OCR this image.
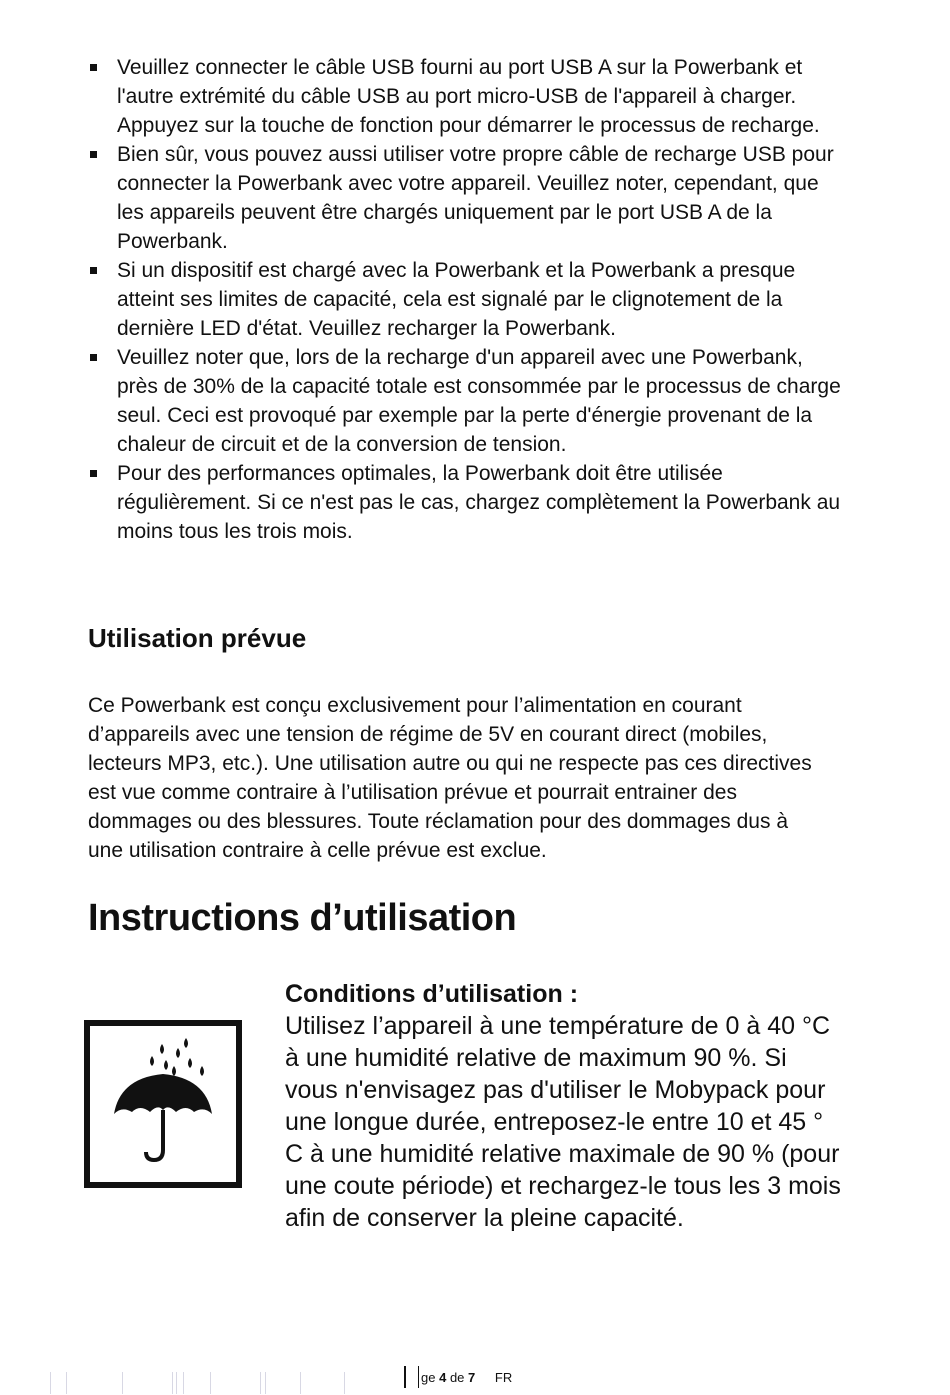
Veuillez connecter le câble USB fourni au port USB A sur la Powerbank et l'autre extrémité du câble USB au port micro-USB de l'appareil à charger. Appuyez sur la touche de fonction pour démarrer le processus de recharge.
Bien sûr, vous pouvez aussi utiliser votre propre câble de recharge USB pour connecter la Powerbank avec votre appareil. Veuillez noter, cependant, que les appareils peuvent être chargés uniquement par le port USB A de la Powerbank.
Si un dispositif est chargé avec la Powerbank et la Powerbank a presque atteint ses limites de capacité, cela est signalé par le clignotement de la dernière LED d'état. Veuillez recharger la Powerbank.
Veuillez noter que, lors de la recharge d'un appareil avec une Powerbank, près de 30% de la capacité totale est consommée par le processus de charge seul. Ceci est provoqué par exemple par la perte d'énergie provenant de la chaleur de circuit et de la conversion de tension.
Pour des performances optimales, la Powerbank doit être utilisée régulièrement. Si ce n'est pas le cas, chargez complètement la Powerbank au moins tous les trois mois.
Utilisation prévue

Ce Powerbank est conçu exclusivement pour l’alimentation en courant d’appareils avec une tension de régime de 5V en courant direct (mobiles, lecteurs MP3, etc.). Une utilisation autre ou qui ne respecte pas ces directives est vue comme contraire à l’utilisation prévue et pourrait entrainer des dommages ou des blessures. Toute réclamation pour des dommages dus à une utilisation contraire à celle prévue est exclue.

Instructions d’utilisation
Conditions d’utilisation :

Utilisez l’appareil à une température de 0 à 40 °C à une humidité relative de maximum 90 %. Si vous n'envisagez pas d'utiliser le Mobypack pour une longue durée, entreposez-le entre 10 et 45 ° C à une humidité relative maximale de 90 % (pour une coute période) et rechargez-le tous les 3 mois afin de conserver la pleine capacité.

ge 4 de 7 FR
